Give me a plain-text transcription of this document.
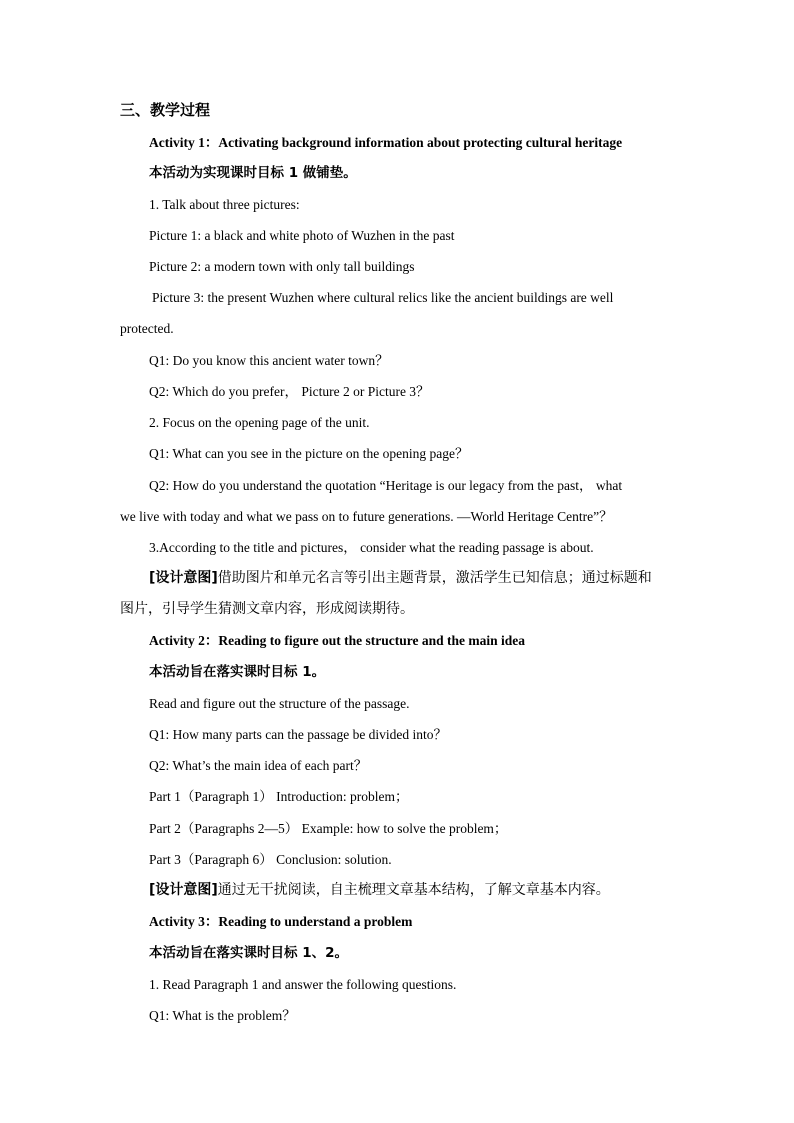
三、教学过程
Activity 1：Activating background information about protecting cultural heritage
本活动为实现课时目标 1 做铺垫。
1. Talk about three pictures:
Picture 1: a black and white photo of Wuzhen in the past
Picture 2: a modern town with only tall buildings
Picture 3: the present Wuzhen where cultural relics like the ancient buildings are well
protected.
Q1: Do you know this ancient water town？
Q2: Which do you prefer， Picture 2 or Picture 3？
2. Focus on the opening page of the unit.
Q1: What can you see in the picture on the opening page？
Q2: How do you understand the quotation “Heritage is our legacy from the past， what
we live with today and what we pass on to future generations. —World Heritage Centre”？
3.According to the title and pictures， consider what the reading passage is about.
[设计意图]借助图片和单元名言等引出主题背景，激活学生已知信息；通过标题和
图片，引导学生猜测文章内容，形成阅读期待。
Activity 2：Reading to figure out the structure and the main idea
本活动旨在落实课时目标 1。
Read and figure out the structure of the passage.
Q1: How many parts can the passage be divided into？
Q2: What’s the main idea of each part？
Part 1（Paragraph 1） Introduction: problem；
Part 2（Paragraphs 2—5） Example: how to solve the problem；
Part 3（Paragraph 6） Conclusion: solution.
[设计意图]通过无干扰阅读，自主梳理文章基本结构，了解文章基本内容。
Activity 3：Reading to understand a problem
本活动旨在落实课时目标 1、2。
1. Read Paragraph 1 and answer the following questions.
Q1: What is the problem？
